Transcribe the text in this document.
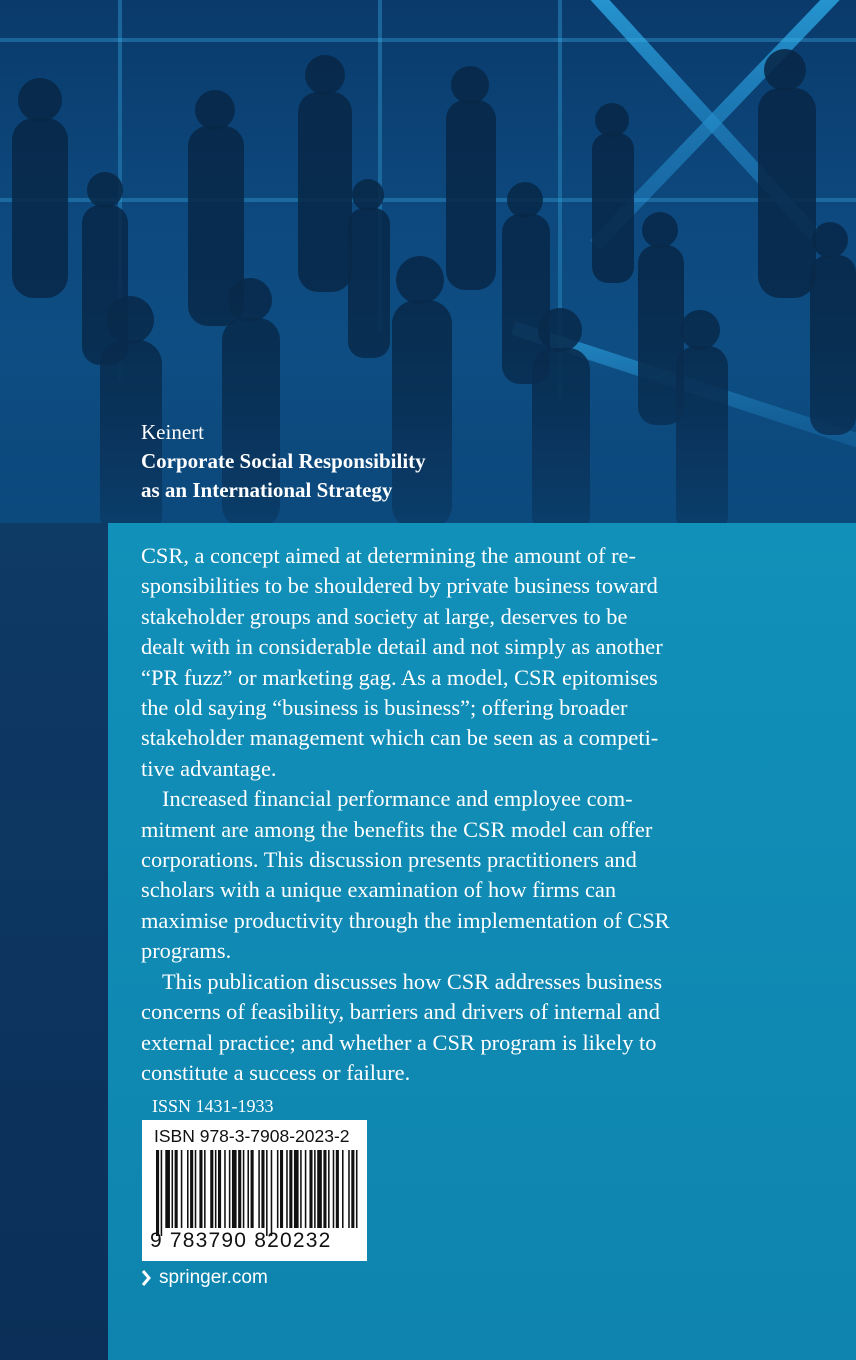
Keinert
Corporate Social Responsibility
as an International Strategy

CSR, a concept aimed at determining the amount of re-
sponsibilities to be shouldered by private business toward
stakeholder groups and society at large, deserves to be
dealt with in considerable detail and not simply as another
“PR fuzz” or marketing gag. As a model, CSR epitomises
the old saying “business is business”; offering broader
stakeholder management which can be seen as a competi-
tive advantage.

Increased financial performance and employee com-
mitment are among the benefits the CSR model can offer
corporations. This discussion presents practitioners and
scholars with a unique examination of how firms can
maximise productivity through the implementation of CSR
programs.

This publication discusses how CSR addresses business
concerns of feasibility, barriers and drivers of internal and
external practice; and whether a CSR program is likely to
constitute a success or failure.

ISSN 1431-1933
ISBN 978-3-7908-2023-2
9 783790 820232
springer.com
